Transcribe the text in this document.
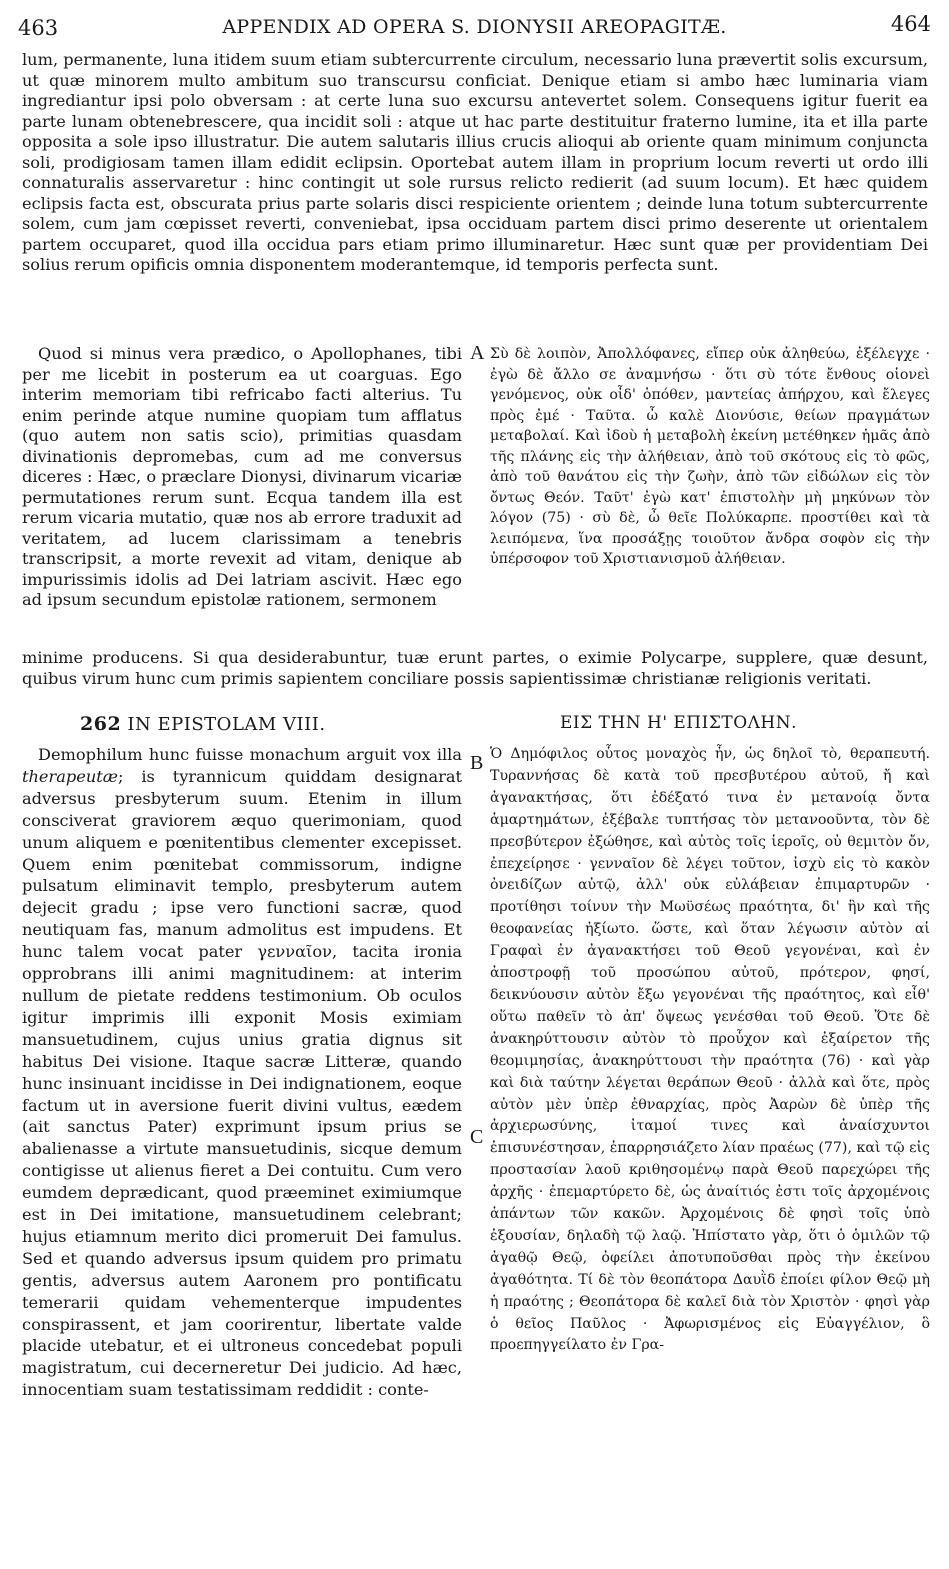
463	APPENDIX AD OPERA S. DIONYSII AREOPAGITÆ.	464

lum, permanente, luna itidem suum etiam subtercurrente circulum, necessario luna prævertit solis excursum, ut quæ minorem multo ambitum suo transcursu conficiat. Denique etiam si ambo hæc luminaria viam ingrediantur ipsi polo obversam : at certe luna suo excursu antevertet solem. Consequens igitur fuerit ea parte lunam obtenebrescere, qua incidit soli : atque ut hac parte destituitur fraterno lumine, ita et illa parte opposita a sole ipso illustratur. Die autem salutaris illius crucis alioqui ab oriente quam minimum conjuncta soli, prodigiosam tamen illam edidit eclipsin. Oportebat autem illam in proprium locum reverti ut ordo illi connaturalis asservaretur : hinc contingit ut sole rursus relicto redierit (ad suum locum). Et hæc quidem eclipsis facta est, obscurata prius parte solaris disci respiciente orientem ; deinde luna totum subtercurrente solem, cum jam cœpisset reverti, conveniebat, ipsa occiduam partem disci primo deserente ut orientalem partem occuparet, quod illa occidua pars etiam primo illuminaretur. Hæc sunt quæ per providentiam Dei solius rerum opificis omnia disponentem moderantemque, id temporis perfecta sunt.

Quod si minus vera prædico, o Apollophanes, tibi per me licebit in posterum ea ut coarguas. Ego interim memoriam tibi refricabo facti alterius. Tu enim perinde atque numine quopiam tum afflatus (quo autem non satis scio), primitias quasdam divinationis depromebas, cum ad me conversus diceres : Hæc, o præclare Dionysi, divinarum vicariæ permutationes rerum sunt. Ecqua tandem illa est rerum vicaria mutatio, quæ nos ab errore traduxit ad veritatem, ad lucem clarissimam a tenebris transcripsit, a morte revexit ad vitam, denique ab impurissimis idolis ad Dei latriam ascivit. Hæc ego ad ipsum secundum epistolæ rationem, sermonem

A Σὺ δὲ λοιπὸν, Ἀπολλόφανες, εἴπερ οὐκ ἀληθεύω, ἐξέλεγχε · ἐγὼ δὲ ἄλλο σε ἀναμνήσω · ὅτι σὺ τότε ἔνθους οἱονεὶ γενόμενος, οὐκ οἶδ' ὁπόθεν, μαντείας ἀπήρχου, καὶ ἔλεγες πρὸς ἐμέ · Ταῦτα. ὦ καλὲ Διονύσιε, θείων πραγμάτων μεταβολαί. Καὶ ἰδοὺ ἡ μεταβολὴ ἐκείνη μετέθηκεν ἡμᾶς ἀπὸ τῆς πλάνης εἰς τὴν ἀλήθειαν, ἀπὸ τοῦ σκότους εἰς τὸ φῶς, ἀπὸ τοῦ θανάτου εἰς τὴν ζωὴν, ἀπὸ τῶν εἰδώλων εἰς τὸν ὄντως Θεόν. Ταῦτ' ἐγὼ κατ' ἐπιστολὴν μὴ μηκύνων τὸν λόγον (75) · σὺ δὲ, ὦ θεῖε Πολύκαρπε. προστίθει καὶ τὰ λειπόμενα, ἵνα προσάξῃς τοιοῦτον ἄνδρα σοφὸν εἰς τὴν ὑπέρσοφον τοῦ Χριστιανισμοῦ ἀλήθειαν.

minime producens. Si qua desiderabuntur, tuæ erunt partes, o eximie Polycarpe, supplere, quæ desunt, quibus virum hunc cum primis sapientem conciliare possis sapientissimæ christianæ religionis veritati.

262 IN EPISTOLAM VIII.	ΕΙΣ ΤΗΝ Η' ΕΠΙΣΤΟΛΗΝ.

Demophilum hunc fuisse monachum arguit vox illa therapeutæ; is tyrannicum quiddam designarat adversus presbyterum suum. Etenim in illum consciverat graviorem æquo querimoniam, quod unum aliquem e pœnitentibus clementer excepisset. Quem enim pœnitebat commissorum, indigne pulsatum eliminavit templo, presbyterum autem dejecit gradu ; ipse vero functioni sacræ, quod neutiquam fas, manum admolitus est impudens. Et hunc talem vocat pater γενναῖον, tacita ironia opprobrans illi animi magnitudinem: at interim nullum de pietate reddens testimonium. Ob oculos igitur imprimis illi exponit Mosis eximiam mansuetudinem, cujus unius gratia dignus sit habitus Dei visione. Itaque sacræ Litteræ, quando hunc insinuant incidisse in Dei indignationem, eoque factum ut in aversione fuerit divini vultus, eædem (ait sanctus Pater) exprimunt ipsum prius se abalienasse a virtute mansuetudinis, sicque demum contigisse ut alienus fieret a Dei contuitu. Cum vero eumdem deprædicant, quod præeminet eximiumque est in Dei imitatione, mansuetudinem celebrant; hujus etiamnum merito dici promeruit Dei famulus. Sed et quando adversus ipsum quidem pro primatu gentis, adversus autem Aaronem pro pontificatu temerarii quidam vehementerque impudentes conspirassent, et jam coorirentur, libertate valde placide utebatur, et ei ultroneus concedebat populi magistratum, cui decerneretur Dei judicio. Ad hæc, innocentiam suam testatissimam reddidit : conte-

B
C

Ὁ Δημόφιλος οὗτος μοναχὸς ἦν, ὡς δηλοῖ τὸ, θεραπευτή. Τυραννήσας δὲ κατὰ τοῦ πρεσβυτέρου αὐτοῦ, ἤ καὶ ἀγανακτήσας, ὅτι ἐδέξατό τινα ἐν μετανοίᾳ ὄντα ἁμαρτημάτων, ἐξέβαλε τυπτήσας τὸν μετανοοῦντα, τὸν δὲ πρεσβύτερον ἐξώθησε, καὶ αὐτὸς τοῖς ἱεροῖς, οὐ θεμιτὸν ὄν, ἐπεχείρησε · γενναῖον δὲ λέγει τοῦτον, ἰσχὺ εἰς τὸ κακὸν ὀνειδίζων αὐτῷ, ἀλλ' οὐκ εὐλάβειαν ἐπιμαρτυρῶν · προτίθησι τοίνυν τὴν Μωϋσέως πραότητα, δι' ἣν καὶ τῆς θεοφανείας ἠξίωτο. ὥστε, καὶ ὅταν λέγωσιν αὐτὸν αἱ Γραφαὶ ἐν ἀγανακτήσει τοῦ Θεοῦ γεγονέναι, καὶ ἐν ἀποστροφῇ τοῦ προσώπου αὐτοῦ, πρότερον, φησί, δεικνύουσιν αὐτὸν ἔξω γεγονέναι τῆς πραότητος, καὶ εἶθ' οὕτω παθεῖν τὸ ἀπ' ὄψεως γενέσθαι τοῦ Θεοῦ. Ὅτε δὲ ἀνακηρύττουσιν αὐτὸν τὸ προὖχον καὶ ἐξαίρετον τῆς θεομιμησίας, ἀνακηρύττουσι τὴν πραότητα (76) · καὶ γὰρ καὶ διὰ ταύτην λέγεται θεράπων Θεοῦ · ἀλλὰ καὶ ὅτε, πρὸς αὐτὸν μὲν ὑπὲρ ἐθναρχίας, πρὸς Ἀαρὼν δὲ ὑπὲρ τῆς ἀρχιερωσύνης, ἰταμοί τινες καὶ ἀναίσχυντοι ἐπισυνέστησαν, ἐπαρρησιάζετο λίαν πραέως (77), καὶ τῷ εἰς προστασίαν λαοῦ κριθησομένῳ παρὰ Θεοῦ παρεχώρει τῆς ἀρχῆς · ἐπεμαρτύρετο δὲ, ὡς ἀναίτιός ἐστι τοῖς ἀρχομένοις ἁπάντων τῶν κακῶν. Ἀρχομένοις δὲ φησὶ τοῖς ὑπὸ ἐξουσίαν, δηλαδὴ τῷ λαῷ. Ἠπίστατο γὰρ, ὅτι ὁ ὁμιλῶν τῷ ἀγαθῷ Θεῷ, ὀφείλει ἀποτυποῦσθαι πρὸς τὴν ἐκείνου ἀγαθότητα. Τί δὲ τὸν θεοπάτορα Δαυῒδ ἐποίει φίλον Θεῷ μὴ ἡ πραότης ; Θεοπάτορα δὲ καλεῖ διὰ τὸν Χριστὸν · φησὶ γὰρ ὁ θεῖος Παῦλος · Ἀφωρισμένος εἰς Εὐαγγέλιον, ὃ προεπηγγείλατο ἐν Γρα-
